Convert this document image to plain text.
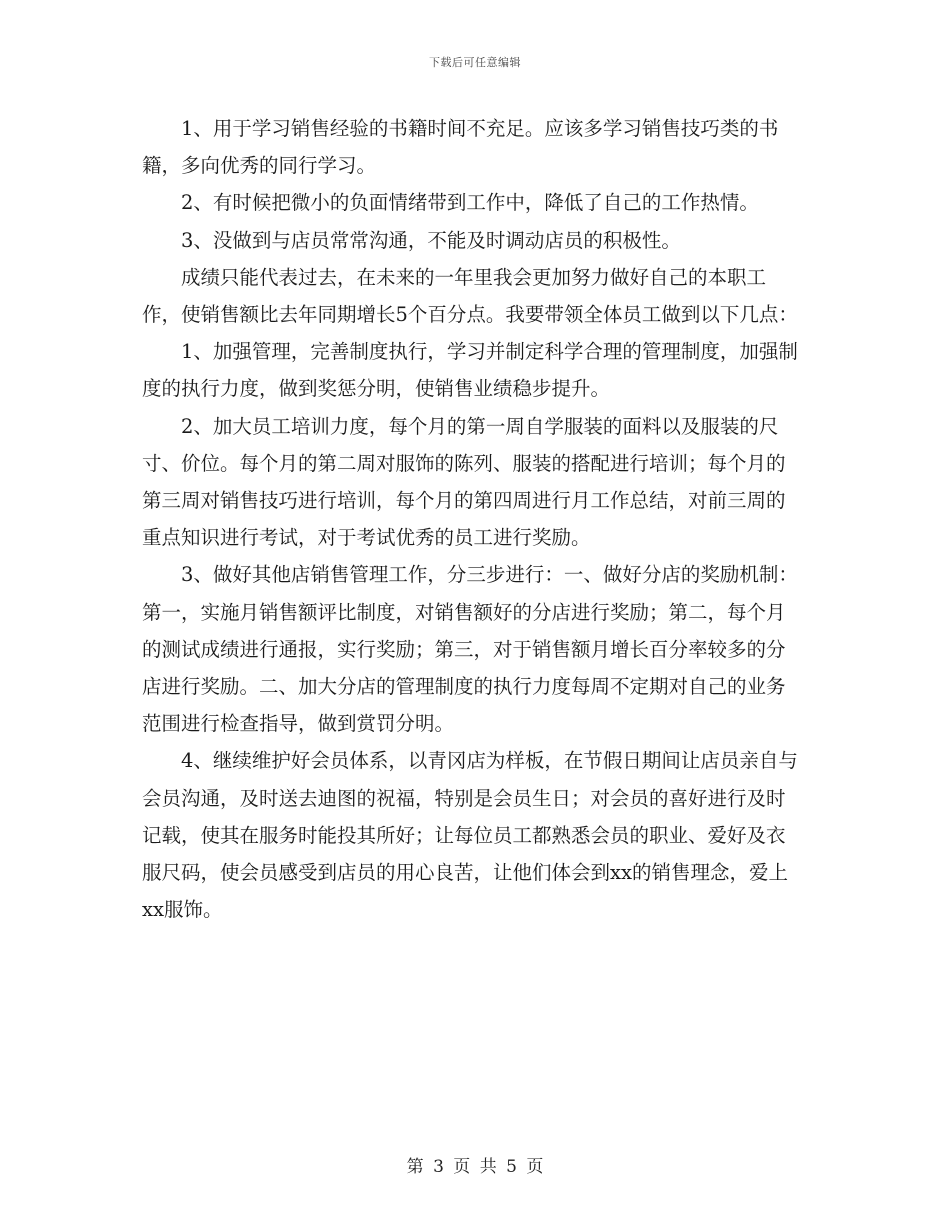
下载后可任意编辑

1、用于学习销售经验的书籍时间不充足。应该多学习销售技巧类的书籍，多向优秀的同行学习。

2、有时候把微小的负面情绪带到工作中，降低了自己的工作热情。

3、没做到与店员常常沟通，不能及时调动店员的积极性。

成绩只能代表过去，在未来的一年里我会更加努力做好自己的本职工作，使销售额比去年同期增长5个百分点。我要带领全体员工做到以下几点：

1、加强管理，完善制度执行，学习并制定科学合理的管理制度，加强制度的执行力度，做到奖惩分明，使销售业绩稳步提升。

2、加大员工培训力度，每个月的第一周自学服装的面料以及服装的尺寸、价位。每个月的第二周对服饰的陈列、服装的搭配进行培训；每个月的第三周对销售技巧进行培训，每个月的第四周进行月工作总结，对前三周的重点知识进行考试，对于考试优秀的员工进行奖励。

3、做好其他店销售管理工作，分三步进行：一、做好分店的奖励机制：第一，实施月销售额评比制度，对销售额好的分店进行奖励；第二，每个月的测试成绩进行通报，实行奖励；第三，对于销售额月增长百分率较多的分店进行奖励。二、加大分店的管理制度的执行力度每周不定期对自己的业务范围进行检查指导，做到赏罚分明。

4、继续维护好会员体系，以青冈店为样板，在节假日期间让店员亲自与会员沟通，及时送去迪图的祝福，特别是会员生日；对会员的喜好进行及时记载，使其在服务时能投其所好；让每位员工都熟悉会员的职业、爱好及衣服尺码，使会员感受到店员的用心良苦，让他们体会到xx的销售理念，爱上xx服饰。

第 3 页 共 5 页
